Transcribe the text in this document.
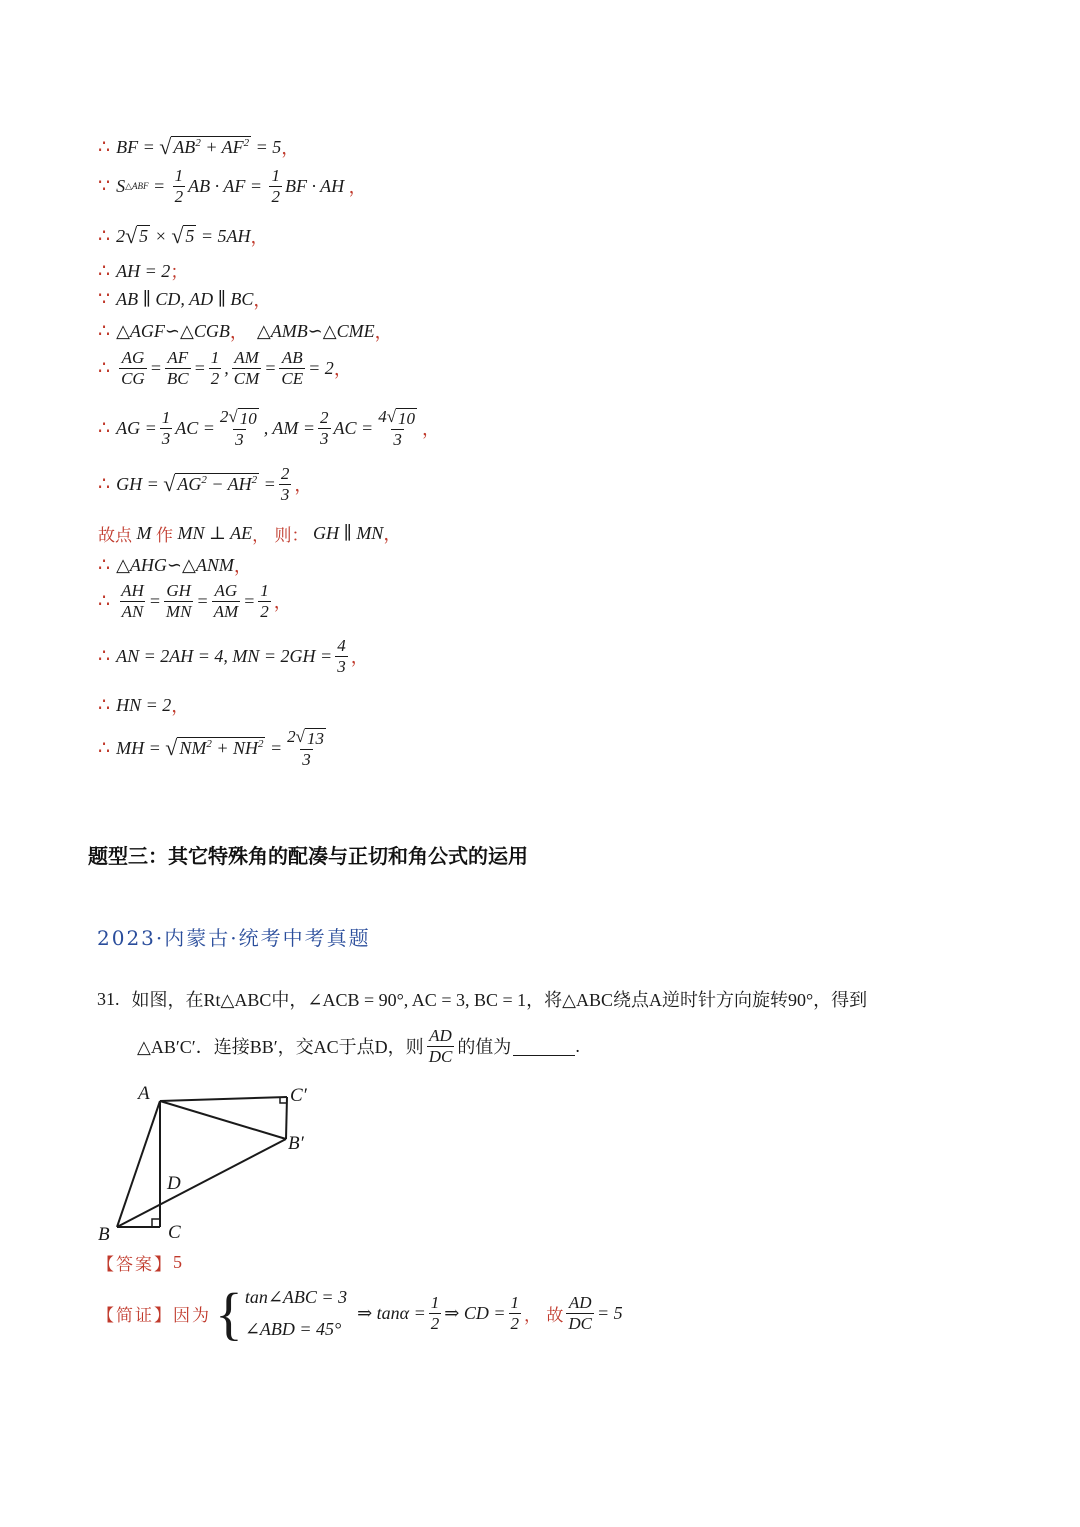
∴ BF = √ $AB^2 + AF^2 = 5$ ，
∵ S △ABF = $\frac{1}{2}$ AB · AF = $\frac{1}{2}$ BF · AH ，
∴ 2 √ 5 × √ 5 = 5AH ，
∴ AH = 2 ；
∵ AB ∥ CD, AD ∥ BC ，
∴ △AGF∽△CGB ， △AMB∽△CME ，
∴ $\frac{AG}{CG} = \frac{AF}{BC} = \frac{1}{2}$ , $\frac{AM}{CM} = \frac{AB}{CE} = 2$ ，
∴ AG = $\frac{1}{3}$ AC = $\frac{2 √ 10}{3}$ , AM = $\frac{2}{3}$ AC = $\frac{4 √ 10}{3}$ ，
∴ GH = √ $AG^2 - AH^2 = \frac{2}{3}$ ，
故点 M 作 MN ⊥ AE ， 则： GH ∥ MN ，
∴ △AHG∽△ANM ，
∴ $\frac{AH}{AN} = \frac{GH}{MN} = \frac{AG}{AM} = \frac{1}{2}$ ，
∴ AN = 2AH = 4, MN = $2GH = \frac{4}{3}$ ，
∴ HN = 2 ，
∴ MH = √ $NM^2 + NH^2 = \frac{2 √ 13}{3}$
题型三：其它特殊角的配凑与正切和角公式的运用
2023·内蒙古·统考中考真题
31. 如图，在Rt△ABC中，∠ACB = 90°, AC = 3, BC = 1，将△ABC绕点A逆时针方向旋转90°，得到
△AB′C′．连接BB′，交AC于点D，则 $\frac{AD}{DC}$ 的值为	.
A	C′
B′
D
B	C
【答案】 5
【简证】 因为 { tan∠ABC = 3
∠ABD = 45°
⇒ $\tan\alpha = \frac{1}{2}$ ⇒ CD = $\frac{1}{2}$ ， 故 $\frac{AD}{DC} = 5$
